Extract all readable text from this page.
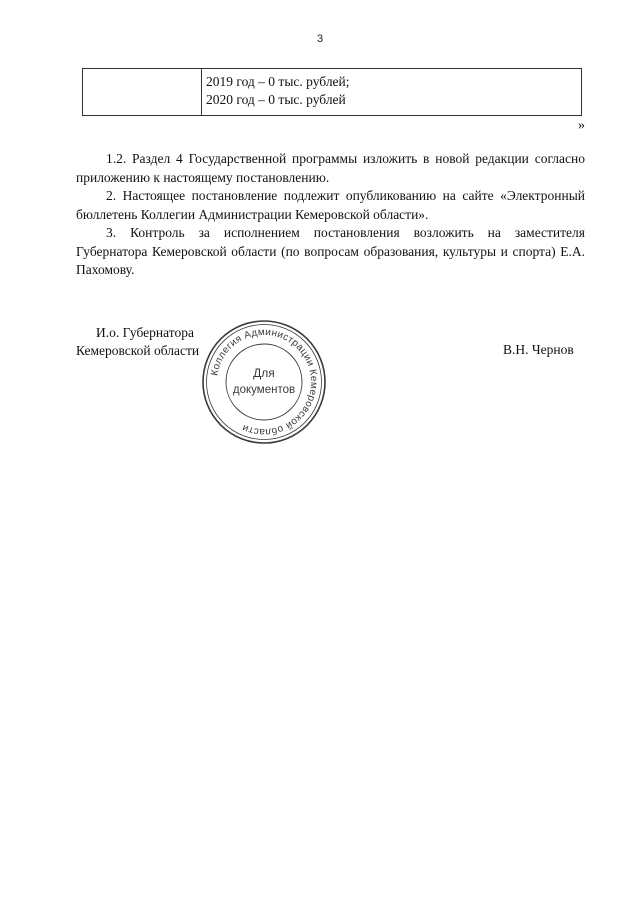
3

2019 год – 0 тыс. рублей;
2020 год – 0 тыс. рублей
»

1.2. Раздел 4 Государственной программы изложить в новой редакции согласно приложению к настоящему постановлению.

2. Настоящее постановление подлежит опубликованию на сайте «Электронный бюллетень Коллегии Администрации Кемеровской области».

3. Контроль за исполнением постановления возложить на заместителя Губернатора Кемеровской области (по вопросам образования, культуры и спорта) Е.А. Пахомову.

И.о. Губернатора
Кемеровской области	В.Н. Чернов
Коллегия Администрации Кемеровской области
Для
документов
